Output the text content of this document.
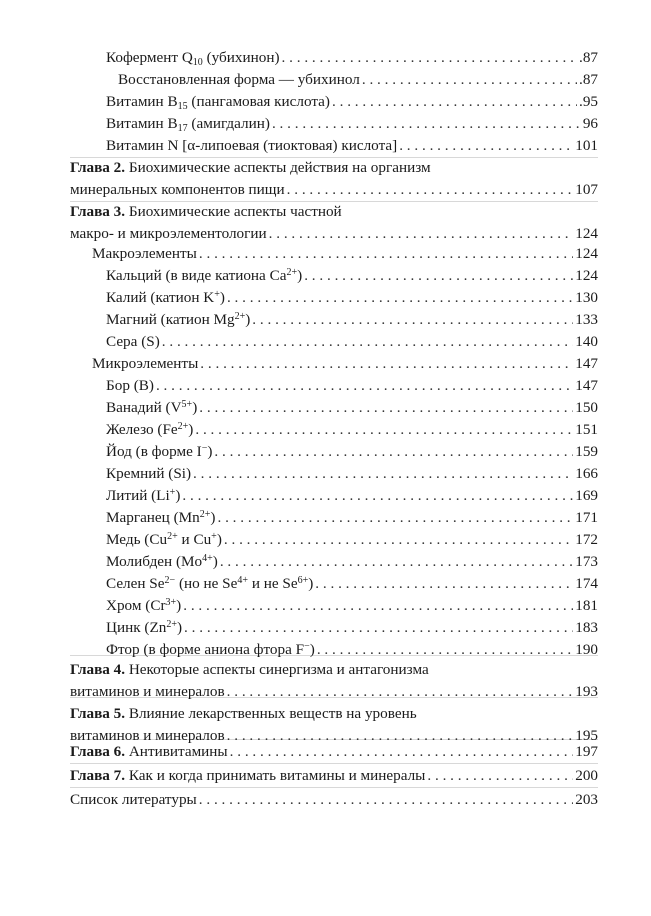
Кофермент $Q_{10}$ (убихинон) . . .	.87
Восстановленная форма — убихинол . . .	.87
Витамин $B_{15}$ (пангамовая кислота) . . .	.95
Витамин $B_{17}$ (амигдалин) . . .	96
Витамин N [α-липоевая (тиоктовая) кислота] . . .	101
Глава 2. Биохимические аспекты действия на организм
минеральных компонентов пищи . . .	107
Глава 3. Биохимические аспекты частной
макро- и микроэлементологии . . .	124
Макроэлементы . . .	124
Кальций (в виде катиона $Ca^{2+}$) . . .	124
Калий (катион K+) . . .	130
Магний (катион $Mg^{2+}$) . . .	133
Сера (S) . . .	140
Микроэлементы . . .	147
Бор (B) . . .	147
Ванадий $(V^{5+})$ . . .	150
Железо $(Fe^{2+})$ . . .	151
Йод (в форме I−) . . .	159
Кремний (Si) . . .	166
Литий (Li+) . . .	169
Марганец $(Mn^{2+})$ . . .	171
Медь ($Cu^{2+}$ и Cu+) . . .	172
Молибден $(Mo^{4+})$ . . .	173
Селен $Se^{2-}$ (но не $Se^{4+}$ и не $Se^{6+}$) . . .	174
Хром $(Cr^{3+})$ . . .	181
Цинк $(Zn^{2+})$ . . .	183
Фтор (в форме аниона фтора F−) . . .	190
Глава 4. Некоторые аспекты синергизма и антагонизма
витаминов и минералов . . .	193
Глава 5. Влияние лекарственных веществ на уровень
витаминов и минералов . . .	195
Глава 6. Антивитамины . . .	197
Глава 7. Как и когда принимать витамины и минералы . . .	200
Список литературы . . .	203
